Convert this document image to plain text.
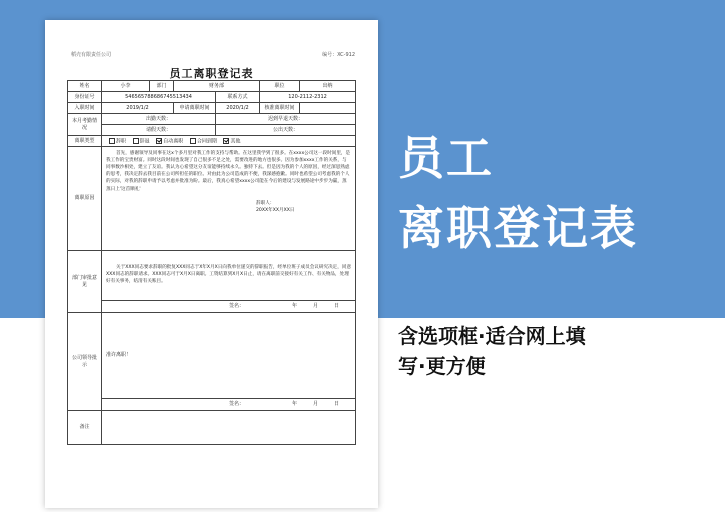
稻壳有限责任公司	编号：XC-912
员工离职登记表
姓名	小李	部门	财务部		职位	出纳
身份证号	546565788686745513434			联系方式	120-2112-2312	
入职时间	2019/1/2		申请离职时间	2020/1/2	核准离职时间	
本月考勤情况	出勤天数：			迟到早退天数：		
	请假天数：			公出天数：		
离职类型	辞职 辞退 自动离职 合同到期 其他					
离职原因	首先，感谢领导及同事在这x个多月里对我工作的支持与帮助。在这里我学到了很多。在xxxx公司这一段时间里，是我工作的宝贵财富。同时这段时间也发现了自己很多不足之处，需要改进的地方也很多。因为参加xxxx工作的关系，与同事数沙相处，建立了友谊。我认为心希望这分友谊能够持续永久。独特下去。但是因为我的个人的原因，经过深思熟虑的思考，我决定辞去我目前在公司所担任的职位。对由此为公司造成的不便，我深感抱歉。同时也希望公司考虑我的个人的实际，对我的辞职申请予以考虑并批准为盼。最后，我真心希望xxxx公司能在今后的建设与发展路途中步步为赢，蒸蒸日上'这首顺礼'
辞职人：
20XX年XX月XX日					

部门审批意见	关于XXX同志要求辞职的批复XXX同志于X年X月X日向我单位递交的辞职报告，经单位班子成员会议研究决定，同意XXX同志的辞职请求。XXX同志可于X月X日离职。工资结算到X月X日止，请在离职前交接好有关工作、有关物品，处理好有关事务，结清有关账目。					

	签名： 年 月 日					

公司领导批示	准许离职！					

	签名： 年 月 日					

备注						
员工
离职登记表
含选项框·适合网上填
写·更方便
